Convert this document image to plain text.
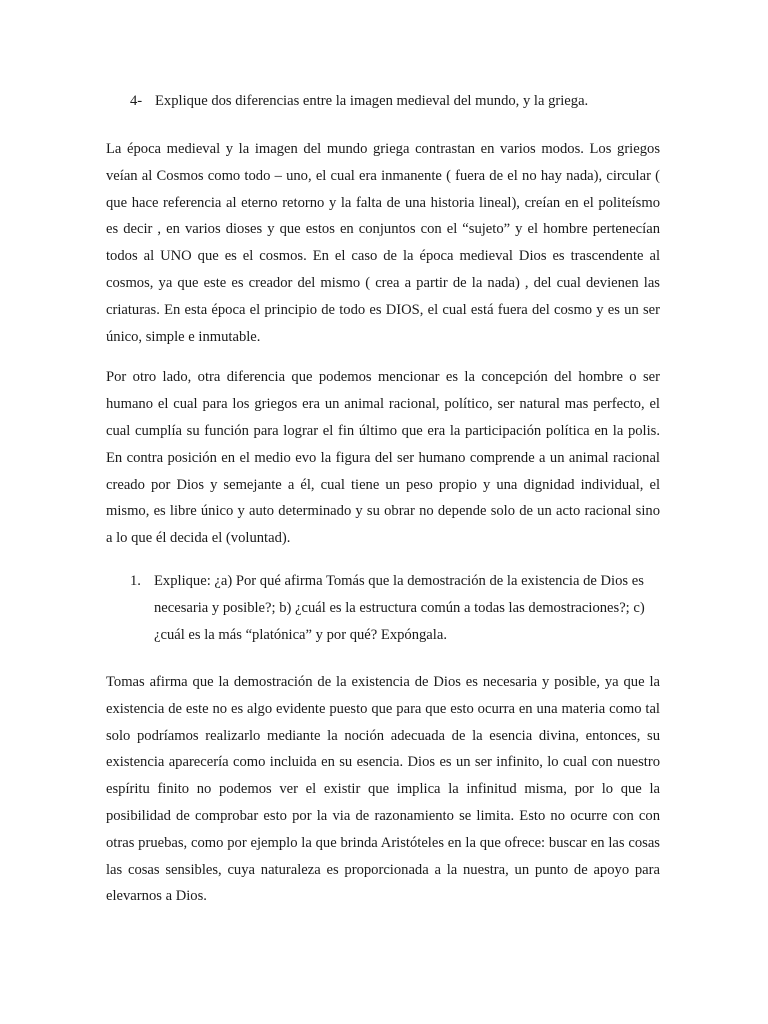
4- Explique dos diferencias entre la imagen medieval del mundo, y la griega.

La época medieval y la imagen del mundo griega contrastan en varios modos. Los griegos veían al Cosmos como todo – uno, el cual era inmanente ( fuera de el no hay nada), circular ( que hace referencia al eterno retorno y la falta de una historia lineal), creían en el politeísmo es decir , en varios dioses y que estos en conjuntos con el “sujeto” y el hombre pertenecían todos al UNO que es el cosmos. En el caso de la época medieval Dios es trascendente al cosmos, ya que este es creador del mismo ( crea a partir de la nada) , del cual devienen las criaturas. En esta época el principio de todo es DIOS, el cual está fuera del cosmo y es un ser único, simple e inmutable.

Por otro lado, otra diferencia que podemos mencionar es la concepción del hombre o ser humano el cual para los griegos era un animal racional, político, ser natural mas perfecto, el cual cumplía su función para lograr el fin último que era la participación política en la polis. En contra posición en el medio evo la figura del ser humano comprende a un animal racional creado por Dios y semejante a él, cual tiene un peso propio y una dignidad individual, el mismo, es libre único y auto determinado y su obrar no depende solo de un acto racional sino a lo que él decida el (voluntad).

1. Explique: ¿a) Por qué afirma Tomás que la demostración de la existencia de Dios es necesaria y posible?; b) ¿cuál es la estructura común a todas las demostraciones?; c) ¿cuál es la más “platónica” y por qué? Expóngala.

Tomas afirma que la demostración de la existencia de Dios es necesaria y posible, ya que la existencia de este no es algo evidente puesto que para que esto ocurra en una materia como tal solo podríamos realizarlo mediante la noción adecuada de la esencia divina, entonces, su existencia aparecería como incluida en su esencia. Dios es un ser infinito, lo cual con nuestro espíritu finito no podemos ver el existir que implica la infinitud misma, por lo que la posibilidad de comprobar esto por la via de razonamiento se limita. Esto no ocurre con con otras pruebas, como por ejemplo la que brinda Aristóteles en la que ofrece: buscar en las cosas las cosas sensibles, cuya naturaleza es proporcionada a la nuestra, un punto de apoyo para elevarnos a Dios.
